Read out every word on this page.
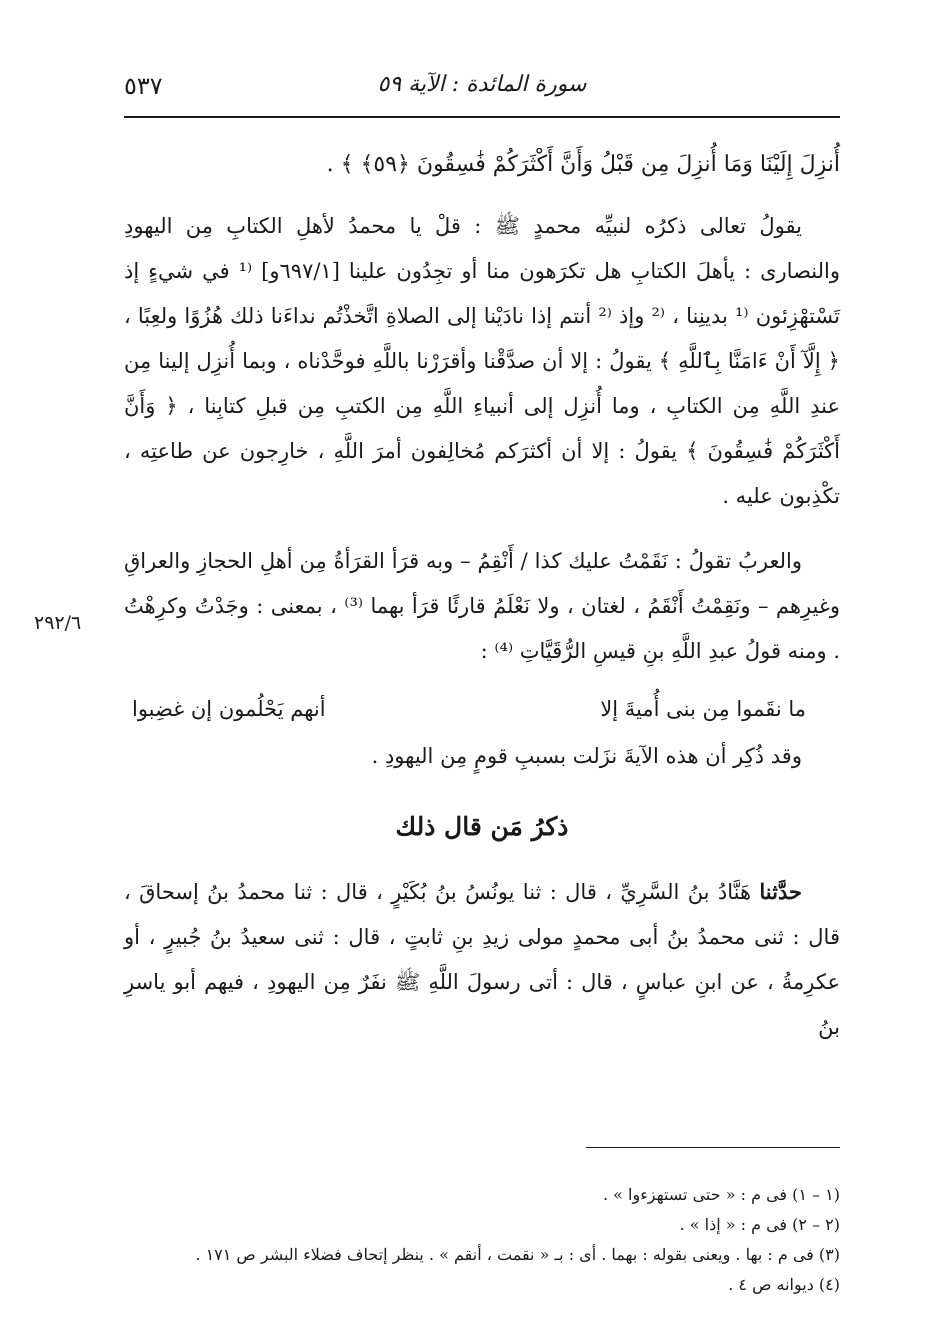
٥٣٧	سورة المائدة : الآية ٥٩
٢٩٢/٦

أُنزِلَ إِلَيْنَا وَمَا أُنزِلَ مِن قَبْلُ وَأَنَّ أَكْثَرَكُمْ فَٰسِقُونَ ﴿٥٩﴾ ﴾ .

يقولُ تعالى ذكرُه لنبيِّه محمدٍ ﷺ : قلْ يا محمدُ لأهلِ الكتابِ مِن اليهودِ والنصارى : يأهلَ الكتابِ هل تكرَهون منا أو تجِدُون علينا [٦٩٧/١و] ⁽¹ في شيءٍ إذ تَسْتهْزِئون ⁽¹ بدينِنا ، ⁽² وإذ ⁽² أنتم إذا نادَيْنا إلى الصلاةِ اتَّخذْتُم نداءَنا ذلك هُزُوًا ولعِبًا ، ﴿ إِلَّآ أَنْ ءَامَنَّا بِٱللَّهِ ﴾ يقولُ : إلا أن صدَّقْنا وأقرَرْنا باللَّهِ فوحَّدْناه ، وبما أُنزِل إلينا مِن عندِ اللَّهِ مِن الكتابِ ، وما أُنزِل إلى أنبياءِ اللَّهِ مِن الكتبِ مِن قبلِ كتابِنا ، ﴿ وَأَنَّ أَكْثَرَكُمْ فَٰسِقُونَ ﴾ يقولُ : إلا أن أكثرَكم مُخالِفون أمرَ اللَّهِ ، خارِجون عن طاعتِه ، تكْذِبون عليه .

والعربُ تقولُ : نَقَمْتُ عليك كذا / أَنْقِمُ – وبه قرَأ القرَأةُ مِن أهلِ الحجازِ والعراقِ وغيرِهم – ونَقِمْتُ أَنْقَمُ ، لغتان ، ولا نَعْلَمُ قارئًا قرَأ بهما ⁽³⁾ ، بمعنى : وجَدْتُ وكرِهْتُ . ومنه قولُ عبدِ اللَّهِ بنِ قيسِ الرُّقَيَّاتِ ⁽⁴⁾ :

ما نقَموا مِن بنى أُميةَ إلا
أنهم يَحْلُمون إن غضِبوا

وقد ذُكِر أن هذه الآيةَ نزَلت بسببِ قومٍ مِن اليهودِ .

ذكرُ مَن قال ذلك

حدَّثنا هَنَّادُ بنُ السَّرِيِّ ، قال : ثنا يونُسُ بنُ بُكَيْرٍ ، قال : ثنا محمدُ بنُ إسحاقَ ، قال : ثنى محمدُ بنُ أبى محمدٍ مولى زيدِ بنِ ثابتٍ ، قال : ثنى سعيدُ بنُ جُبيرٍ ، أو عكرِمةُ ، عن ابنِ عباسٍ ، قال : أتى رسولَ اللَّهِ ﷺ نفَرٌ مِن اليهودِ ، فيهم أبو ياسرِ بنُ

(١ – ١) فى م : « حتى تستهزءوا » .

(٢ – ٢) فى م : « إذا » .

(٣) فى م : بها . ويعنى بقوله : بهما . أى : بـ « نقمت ، أنقم » . ينظر إتحاف فضلاء البشر ص ١٧١ .

(٤) ديوانه ص ٤ .
